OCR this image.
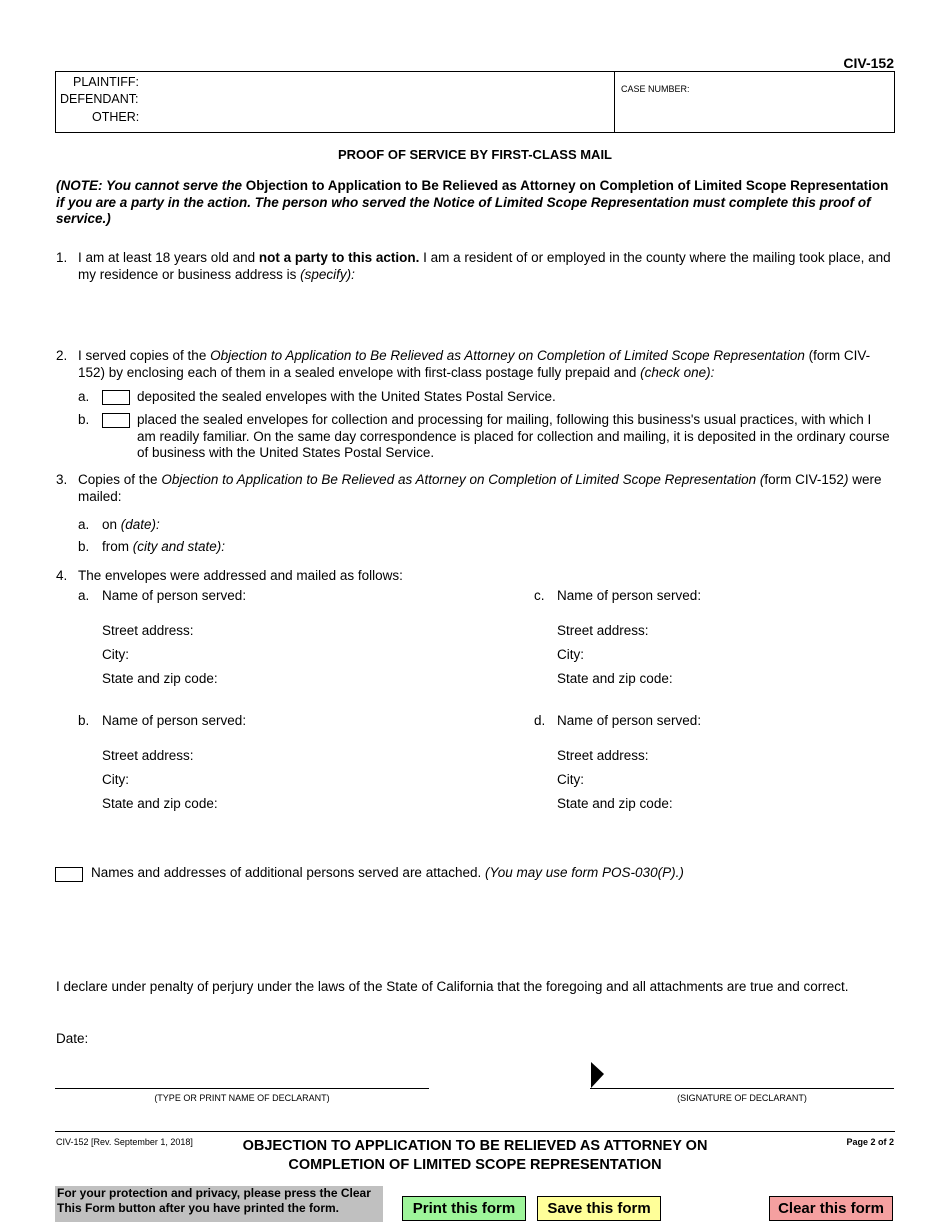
CIV-152
PLAINTIFF:
DEFENDANT:
OTHER:
CASE NUMBER:
PROOF OF SERVICE BY FIRST-CLASS MAIL
(NOTE: You cannot serve the Objection to Application to Be Relieved as Attorney on Completion of Limited Scope Representation if you are a party in the action. The person who served the Notice of Limited Scope Representation must complete this proof of service.)
1. I am at least 18 years old and not a party to this action. I am a resident of or employed in the county where the mailing took place, and my residence or business address is (specify):
2. I served copies of the Objection to Application to Be Relieved as Attorney on Completion of Limited Scope Representation (form CIV-152) by enclosing each of them in a sealed envelope with first-class postage fully prepaid and (check one):
a.	deposited the sealed envelopes with the United States Postal Service.
b.	placed the sealed envelopes for collection and processing for mailing, following this business's usual practices, with which I am readily familiar. On the same day correspondence is placed for collection and mailing, it is deposited in the ordinary course of business with the United States Postal Service.
3. Copies of the Objection to Application to Be Relieved as Attorney on Completion of Limited Scope Representation (form CIV-152) were mailed:
a. on (date):
b. from (city and state):
4. The envelopes were addressed and mailed as follows:
a. Name of person served:
Street address:
City:
State and zip code:
b. Name of person served:
Street address:
City:
State and zip code:
c. Name of person served:
Street address:
City:
State and zip code:
d. Name of person served:
Street address:
City:
State and zip code:
Names and addresses of additional persons served are attached. (You may use form POS-030(P).)
I declare under penalty of perjury under the laws of the State of California that the foregoing and all attachments are true and correct.
Date:
(TYPE OR PRINT NAME OF DECLARANT)	(SIGNATURE OF DECLARANT)
CIV-152 [Rev. September 1, 2018]	OBJECTION TO APPLICATION TO BE RELIEVED AS ATTORNEY ON
COMPLETION OF LIMITED SCOPE REPRESENTATION
Page 2 of 2
For your protection and privacy, please press the Clear This Form button after you have printed the form.	Print this form	Save this form	Clear this form
